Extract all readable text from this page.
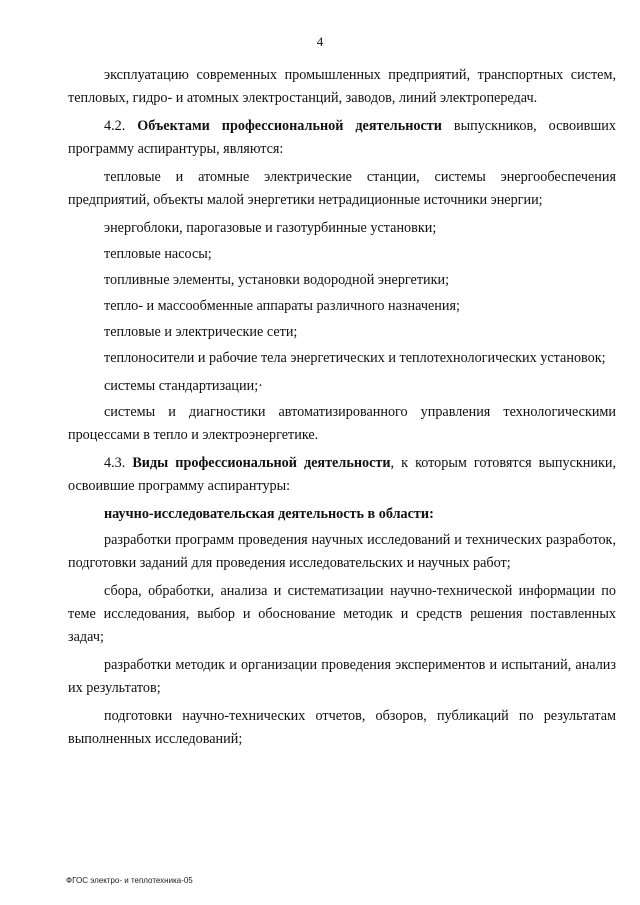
4

эксплуатацию современных промышленных предприятий, транспортных систем, тепловых, гидро- и атомных электростанций, заводов, линий электропередач.

4.2. Объектами профессиональной деятельности выпускников, освоивших программу аспирантуры, являются:

тепловые и атомные электрические станции, системы энергообеспечения предприятий, объекты малой энергетики нетрадиционные источники энергии;

энергоблоки, парогазовые и газотурбинные установки;

тепловые насосы;

топливные элементы, установки водородной энергетики;

тепло- и массообменные аппараты различного назначения;

тепловые и электрические сети;

теплоносители и рабочие тела энергетических и теплотехнологических установок;

системы стандартизации;·

системы и диагностики автоматизированного управления технологическими процессами в тепло и электроэнергетике.

4.3. Виды профессиональной деятельности, к которым готовятся выпускники, освоившие программу аспирантуры:

научно-исследовательская деятельность в области:

разработки программ проведения научных исследований и технических разработок, подготовки заданий для проведения исследовательских и научных работ;

сбора, обработки, анализа и систематизации научно-технической информации по теме исследования, выбор и обоснование методик и средств решения поставленных задач;

разработки методик и организации проведения экспериментов и испытаний, анализ их результатов;

подготовки научно-технических отчетов, обзоров, публикаций по результатам выполненных исследований;

ФГОС электро- и теплотехника-05
